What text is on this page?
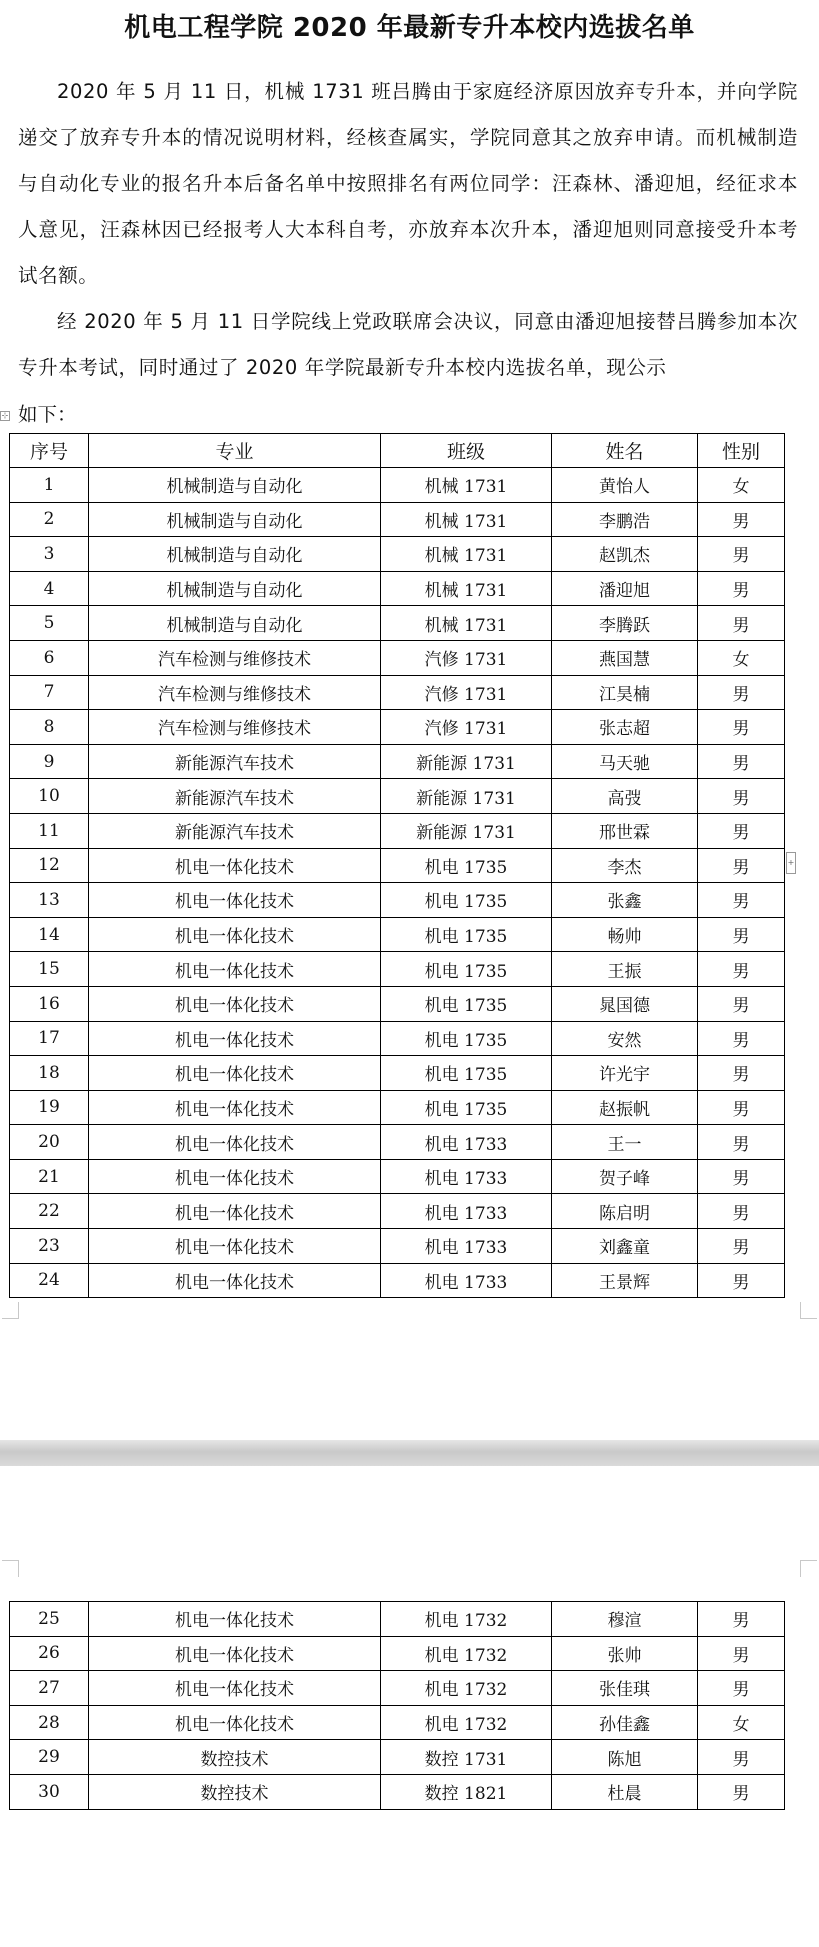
机电工程学院 2020 年最新专升本校内选拔名单

2020 年 5 月 11 日，机械 1731 班吕腾由于家庭经济原因放弃专升本，并向学院递交了放弃专升本的情况说明材料，经核查属实，学院同意其之放弃申请。而机械制造与自动化专业的报名升本后备名单中按照排名有两位同学：汪森林、潘迎旭，经征求本人意见，汪森林因已经报考人大本科自考，亦放弃本次升本，潘迎旭则同意接受升本考试名额。

经 2020 年 5 月 11 日学院线上党政联席会决议，同意由潘迎旭接替吕腾参加本次专升本考试，同时通过了 2020 年学院最新专升本校内选拔名单，现公示

如下：
⊹
+
序号	专业	班级	姓名	性别
1	机械制造与自动化	机械 1731	黄怡人	女
2	机械制造与自动化	机械 1731	李鹏浩	男
3	机械制造与自动化	机械 1731	赵凯杰	男
4	机械制造与自动化	机械 1731	潘迎旭	男
5	机械制造与自动化	机械 1731	李腾跃	男
6	汽车检测与维修技术	汽修 1731	燕国慧	女
7	汽车检测与维修技术	汽修 1731	江昊楠	男
8	汽车检测与维修技术	汽修 1731	张志超	男
9	新能源汽车技术	新能源 1731	马天驰	男
10	新能源汽车技术	新能源 1731	高弢	男
11	新能源汽车技术	新能源 1731	邢世霖	男
12	机电一体化技术	机电 1735	李杰	男
13	机电一体化技术	机电 1735	张鑫	男
14	机电一体化技术	机电 1735	畅帅	男
15	机电一体化技术	机电 1735	王振	男
16	机电一体化技术	机电 1735	晁国德	男
17	机电一体化技术	机电 1735	安然	男
18	机电一体化技术	机电 1735	许光宇	男
19	机电一体化技术	机电 1735	赵振帆	男
20	机电一体化技术	机电 1733	王一	男
21	机电一体化技术	机电 1733	贺子峰	男
22	机电一体化技术	机电 1733	陈启明	男
23	机电一体化技术	机电 1733	刘鑫童	男
24	机电一体化技术	机电 1733	王景辉	男
25	机电一体化技术	机电 1732	穆渲	男
26	机电一体化技术	机电 1732	张帅	男
27	机电一体化技术	机电 1732	张佳琪	男
28	机电一体化技术	机电 1732	孙佳鑫	女
29	数控技术	数控 1731	陈旭	男
30	数控技术	数控 1821	杜晨	男
